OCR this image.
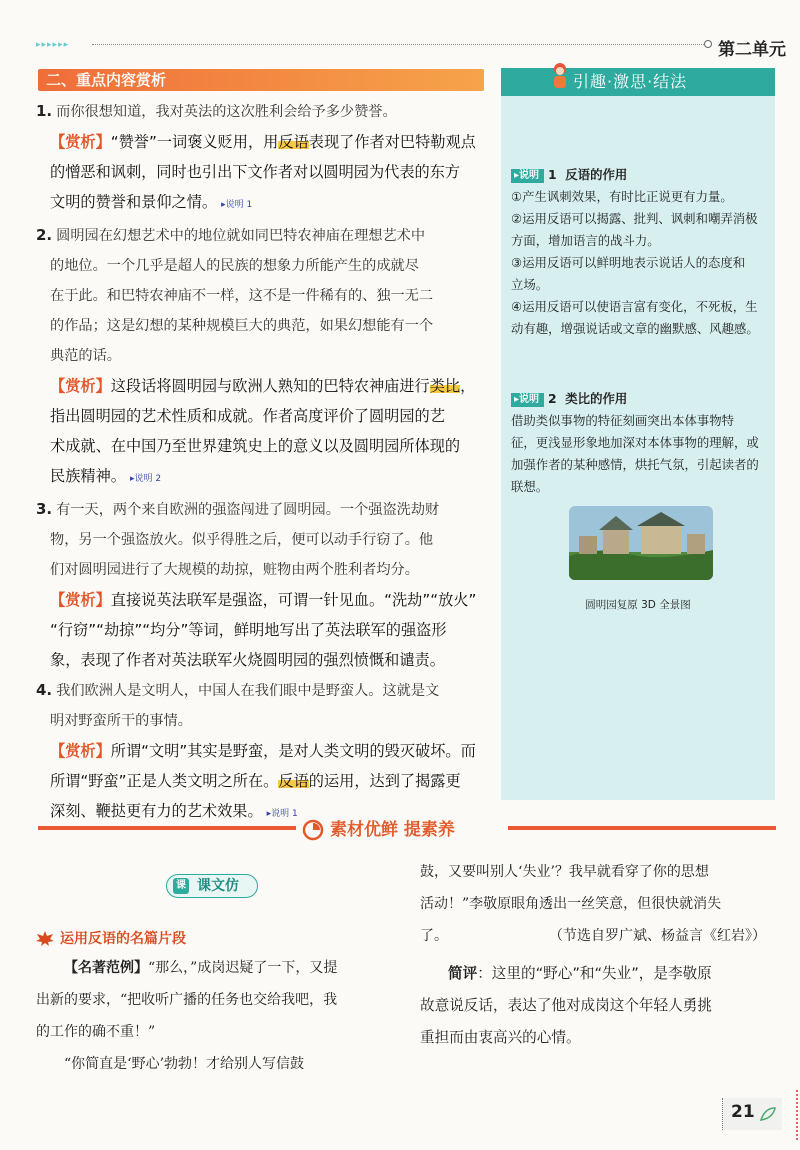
▸▸▸▸▸▸	第二单元
二、重点内容赏析
1. 而你很想知道，我对英法的这次胜利会给予多少赞誉。
【赏析】“赞誉”一词褒义贬用，用反语表现了作者对巴特勒观点
的憎恶和讽刺，同时也引出下文作者对以圆明园为代表的东方
文明的赞誉和景仰之情。 ▸说明 1
2. 圆明园在幻想艺术中的地位就如同巴特农神庙在理想艺术中
的地位。一个几乎是超人的民族的想象力所能产生的成就尽
在于此。和巴特农神庙不一样，这不是一件稀有的、独一无二
的作品；这是幻想的某种规模巨大的典范，如果幻想能有一个
典范的话。
【赏析】这段话将圆明园与欧洲人熟知的巴特农神庙进行类比，
指出圆明园的艺术性质和成就。作者高度评价了圆明园的艺
术成就、在中国乃至世界建筑史上的意义以及圆明园所体现的
民族精神。 ▸说明 2
3. 有一天，两个来自欧洲的强盗闯进了圆明园。一个强盗洗劫财
物，另一个强盗放火。似乎得胜之后，便可以动手行窃了。他
们对圆明园进行了大规模的劫掠，赃物由两个胜利者均分。
【赏析】直接说英法联军是强盗，可谓一针见血。“洗劫”“放火”
“行窃”“劫掠”“均分”等词，鲜明地写出了英法联军的强盗形
象，表现了作者对英法联军火烧圆明园的强烈愤慨和谴责。
4. 我们欧洲人是文明人，中国人在我们眼中是野蛮人。这就是文
明对野蛮所干的事情。
【赏析】所谓“文明”其实是野蛮，是对人类文明的毁灭破坏。而
所谓“野蛮”正是人类文明之所在。反语的运用，达到了揭露更
深刻、鞭挞更有力的艺术效果。 ▸说明 1
引趣·激思·结法
▸说明 1 反语的作用
①产生讽刺效果，有时比正说更有力量。
②运用反语可以揭露、批判、讽刺和嘲弄消极
方面，增加语言的战斗力。
③运用反语可以鲜明地表示说话人的态度和
立场。
④运用反语可以使语言富有变化，不死板，生
动有趣，增强说话或文章的幽默感、风趣感。
▸说明 2 类比的作用
借助类似事物的特征刻画突出本体事物特
征，更浅显形象地加深对本体事物的理解，或
加强作者的某种感情，烘托气氛，引起读者的
联想。
圆明园复原 3D 全景图
素材优鲜 提素养
课 课文仿
运用反语的名篇片段
【名著范例】“那么，”成岗迟疑了一下，又提
出新的要求，“把收听广播的任务也交给我吧，我
的工作的确不重！”
“你简直是‘野心’勃勃！才给别人写信鼓
鼓，又要叫别人‘失业’？我早就看穿了你的思想
活动！”李敬原眼角透出一丝笑意，但很快就消失
了。	（节选自罗广斌、杨益言《红岩》）
简评：这里的“野心”和“失业”，是李敬原
故意说反话，表达了他对成岗这个年轻人勇挑
重担而由衷高兴的心情。
21
